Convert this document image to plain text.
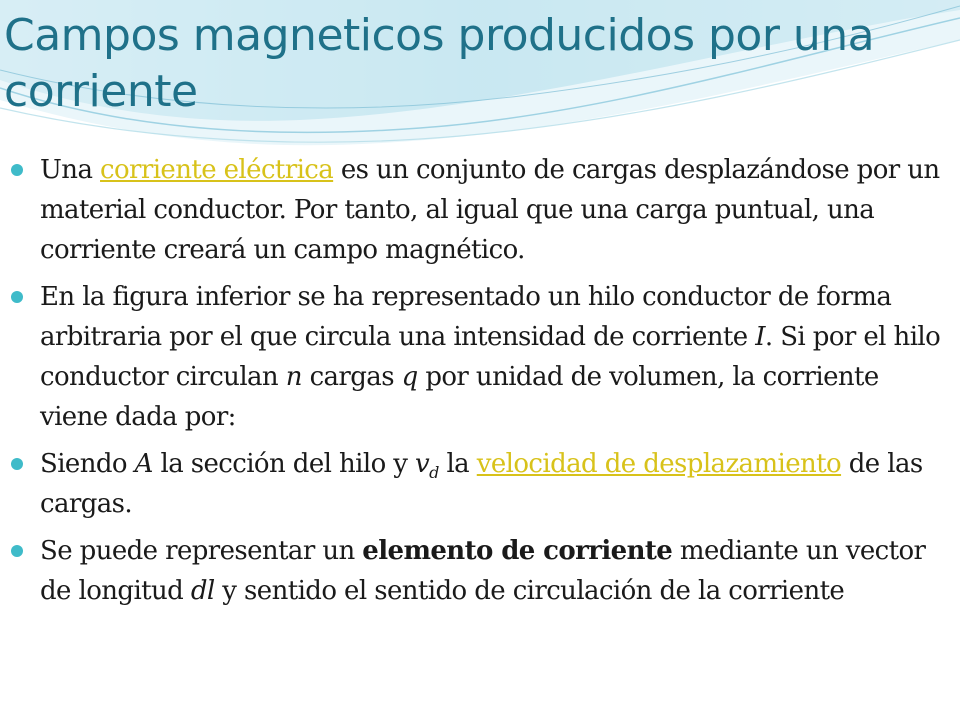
Campos magneticos producidos por una corriente
Una corriente eléctrica es un conjunto de cargas desplazándose por un material conductor. Por tanto, al igual que una carga puntual, una corriente creará un campo magnético.
En la figura inferior se ha representado un hilo conductor de forma arbitraria por el que circula una intensidad de corriente I. Si por el hilo conductor circulan n cargas q por unidad de volumen, la corriente viene dada por:
Siendo A la sección del hilo y $v_d$ la velocidad de desplazamiento de las cargas.
Se puede representar un elemento de corriente mediante un vector de longitud dl y sentido el sentido de circulación de la corriente
